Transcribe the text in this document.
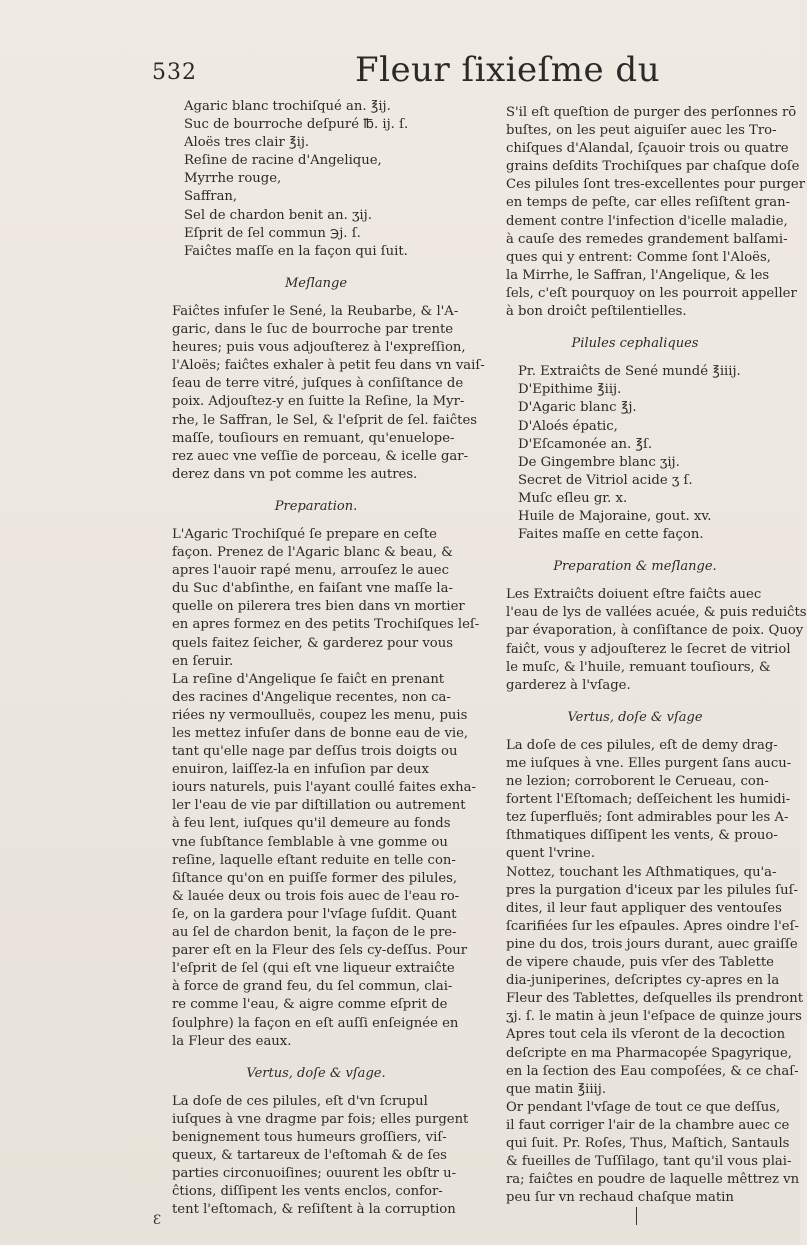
532	Fleur ſixieſme du
Agaric blanc trochiſqué an. ℥ij.
Suc de bourroche deſpuré ℔. ij. ſ.
Aloës tres clair ℥ij.
Reſine de racine d'Angelique,
Myrrhe rouge,
Saffran,
Sel de chardon benit an. ʒij.
Eſprit de ſel commun ℈j. ſ.
Faiĉtes maſſe en la façon qui ſuit.
Meſlange
Faiĉtes infuſer le Sené, la Reubarbe, & l'A-
garic, dans le ſuc de bourroche par trente
heures; puis vous adjouſterez à l'expreſſion,
l'Aloës; faiĉtes exhaler à petit feu dans vn vaiſ-
ſeau de terre vitré, juſques à conſiſtance de
poix. Adjouſtez-y en ſuitte la Reſine, la Myr-
rhe, le Saffran, le Sel, & l'eſprit de ſel. faiĉtes
maſſe, touſiours en remuant, qu'enuelope-
rez auec vne veſſie de porceau, & icelle gar-
derez dans vn pot comme les autres.
Preparation.
L'Agaric Trochiſqué ſe prepare en ceſte
façon. Prenez de l'Agaric blanc & beau, &
apres l'auoir rapé menu, arrouſez le auec
du Suc d'abſinthe, en faiſant vne maſſe la-
quelle on pilerera tres bien dans vn mortier
en apres formez en des petits Trochiſques leſ-
quels faitez ſeicher, & garderez pour vous
en ſeruir.
La reſine d'Angelique ſe faiĉt en prenant
des racines d'Angelique recentes, non ca-
riées ny vermoulluës, coupez les menu, puis
les mettez infuſer dans de bonne eau de vie,
tant qu'elle nage par deſſus trois doigts ou
enuiron, laiſſez-la en infuſion par deux
iours naturels, puis l'ayant coullé faites exha-
ler l'eau de vie par diſtillation ou autrement
à feu lent, iuſques qu'il demeure au fonds
vne ſubſtance ſemblable à vne gomme ou
reſine, laquelle eſtant reduite en telle con-
ſiſtance qu'on en puiſſe former des pilules,
& lauée deux ou trois fois auec de l'eau ro-
ſe, on la gardera pour l'vſage ſuſdit. Quant
au ſel de chardon benit, la façon de le pre-
parer eſt en la Fleur des ſels cy-deſſus. Pour
l'eſprit de ſel (qui eſt vne liqueur extraiĉte
à force de grand feu, du ſel commun, clai-
re comme l'eau, & aigre comme eſprit de
ſoulphre) la façon en eſt auſſi enſeignée en
la Fleur des eaux.
Vertus, doſe & vſage.
La doſe de ces pilules, eſt d'vn ſcrupul
iuſques à vne dragme par fois; elles purgent
benignement tous humeurs groſſiers, viſ-
queux, & tartareux de l'eſtomah & de ſes
parties circonuoiſines; ouurent les obſtr u-
ĉtions, diſſipent les vents enclos, confor-
tent l'eſtomach, & reſiſtent à la corruption
S'il eſt queſtion de purger des perſonnes rō
buſtes, on les peut aiguiſer auec les Tro-
chiſques d'Alandal, ſçauoir trois ou quatre
grains deſdits Trochiſques par chaſque doſe
Ces pilules ſont tres-excellentes pour purger
en temps de peſte, car elles reſiſtent gran-
dement contre l'infection d'icelle maladie,
à cauſe des remedes grandement balſami-
ques qui y entrent: Comme ſont l'Aloës,
la Mirrhe, le Saffran, l'Angelique, & les
ſels, c'eſt pourquoy on les pourroit appeller
à bon droiĉt peſtilentielles.
Pilules cephaliques
Pr. Extraiĉts de Sené mundé ℥iiij.
D'Epithime ℥iij.
D'Agaric blanc ℥j.
D'Aloés épatic,
D'Eſcamonée an. ℥ſ.
De Gingembre blanc ʒij.
Secret de Vitriol acide ʒ ſ.
Muſc eſleu gr. x.
Huile de Majoraine, gout. xv.
Faites maſſe en cette façon.
Preparation & meſlange.
Les Extraiĉts doiuent eſtre faiĉts auec
l'eau de lys de vallées acuée, & puis reduiĉts
par évaporation, à conſiſtance de poix. Quoy
faiĉt, vous y adjouſterez le ſecret de vitriol
le muſc, & l'huile, remuant touſiours, &
garderez à l'vſage.
Vertus, doſe & vſage
La doſe de ces pilules, eſt de demy drag-
me iuſques à vne. Elles purgent ſans aucu-
ne lezion; corroborent le Cerueau, con-
fortent l'Eſtomach; deſſeichent les humidi-
tez ſuperfluës; ſont admirables pour les A-
ſthmatiques diſſipent les vents, & prouo-
quent l'vrine.
Nottez, touchant les Aſthmatiques, qu'a-
pres la purgation d'iceux par les pilules ſuſ-
dites, il leur faut appliquer des ventouſes
ſcarifiées ſur les eſpaules. Apres oindre l'eſ-
pine du dos, trois jours durant, auec graiſſe
de vipere chaude, puis vſer des Tablette
dia-juniperines, deſcriptes cy-apres en la
Fleur des Tablettes, deſquelles ils prendront
ʒj. ſ. le matin à jeun l'eſpace de quinze jours
Apres tout cela ils vſeront de la decoction
deſcripte en ma Pharmacopée Spagyrique,
en la ſection des Eau compoſées, & ce chaſ-
que matin ℥iiij.
Or pendant l'vſage de tout ce que deſſus,
il faut corriger l'air de la chambre auec ce
qui ſuit. Pr. Roſes, Thus, Maſtich, Santauls
& fueilles de Tuſſilago, tant qu'il vous plai-
ra; faiĉtes en poudre de laquelle mêttrez vn
peu ſur vn rechaud chaſque matin
Ɛ
